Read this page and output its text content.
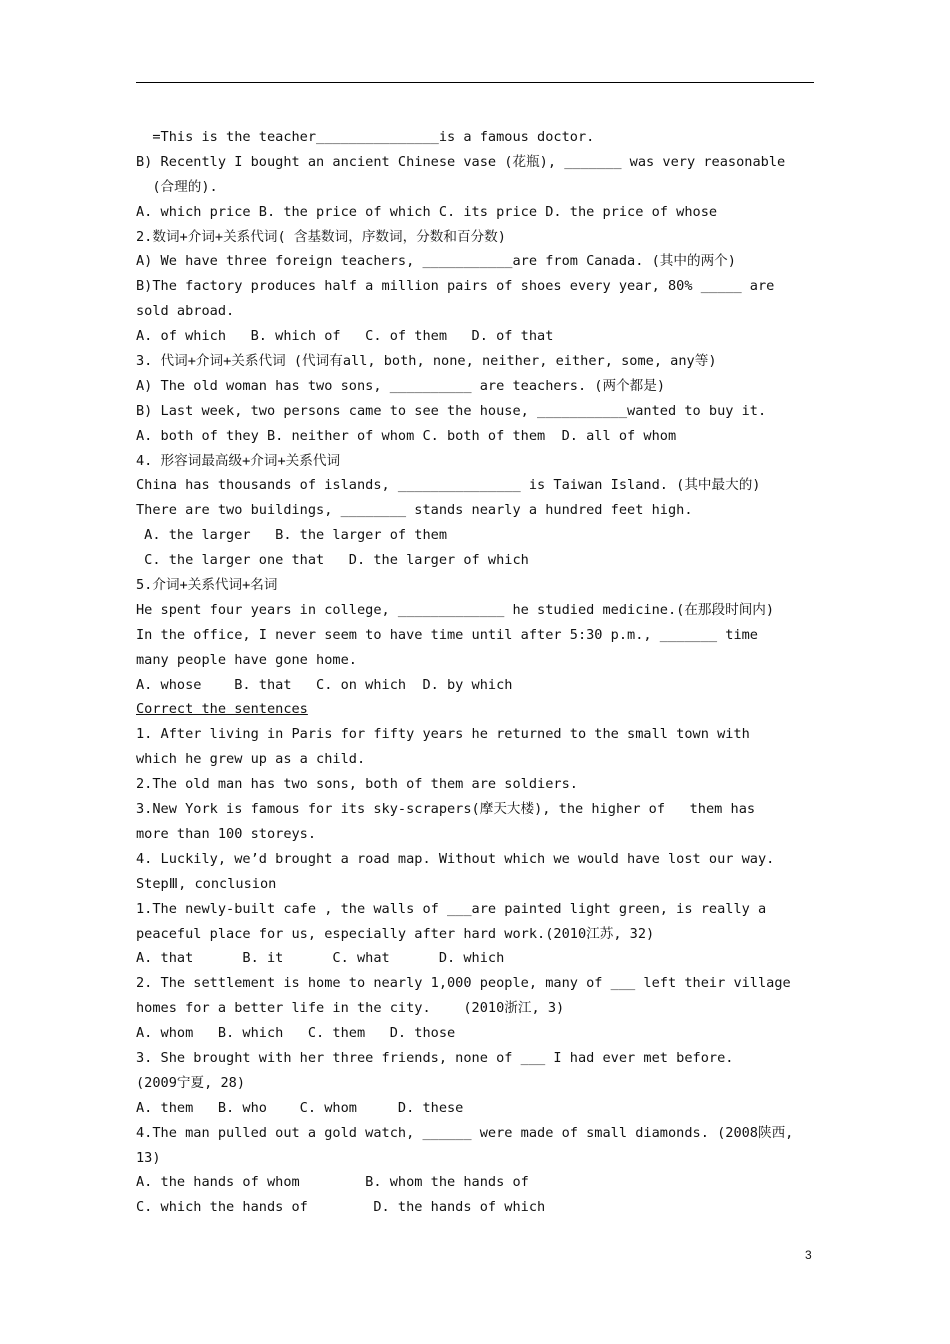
=This is the teacher_______________is a famous doctor.
B) Recently I bought an ancient Chinese vase (花瓶), _______ was very reasonable
(合理的).
A. which price B. the price of which C. its price D. the price of whose
2.数词+介词+关系代词( 含基数词，序数词，分数和百分数)
A) We have three foreign teachers, ___________are from Canada. (其中的两个)
B)The factory produces half a million pairs of shoes every year, 80% _____ are
sold abroad.
A. of which   B. which of   C. of them   D. of that
3. 代词+介词+关系代词 (代词有all, both, none, neither, either, some, any等)
A) The old woman has two sons, __________ are teachers. (两个都是)
B) Last week, two persons came to see the house, ___________wanted to buy it.
A. both of they B. neither of whom C. both of them  D. all of whom
4. 形容词最高级+介词+关系代词
China has thousands of islands, _______________ is Taiwan Island. (其中最大的)
There are two buildings, ________ stands nearly a hundred feet high.
A. the larger   B. the larger of them
C. the larger one that   D. the larger of which
5.介词+关系代词+名词
He spent four years in college, _____________ he studied medicine.(在那段时间内)
In the office, I never seem to have time until after 5:30 p.m., _______ time
many people have gone home.
A. whose    B. that   C. on which  D. by which
Correct the sentences
1. After living in Paris for fifty years he returned to the small town with
which he grew up as a child.
2.The old man has two sons, both of them are soldiers.
3.New York is famous for its sky-scrapers(摩天大楼), the higher of   them has
more than 100 storeys.
4. Luckily, we’d brought a road map. Without which we would have lost our way.
StepⅢ, conclusion
1.The newly-built cafe , the walls of ___are painted light green, is really a
peaceful place for us, especially after hard work.(2010江苏, 32)
A. that      B. it      C. what      D. which
2. The settlement is home to nearly 1,000 people, many of ___ left their village
homes for a better life in the city.    (2010浙江, 3)
A. whom   B. which   C. them   D. those
3. She brought with her three friends, none of ___ I had ever met before.
(2009宁夏, 28)
A. them   B. who    C. whom     D. these
4.The man pulled out a gold watch, ______ were made of small diamonds. (2008陕西,
13)
A. the hands of whom        B. whom the hands of
C. which the hands of        D. the hands of which
3
